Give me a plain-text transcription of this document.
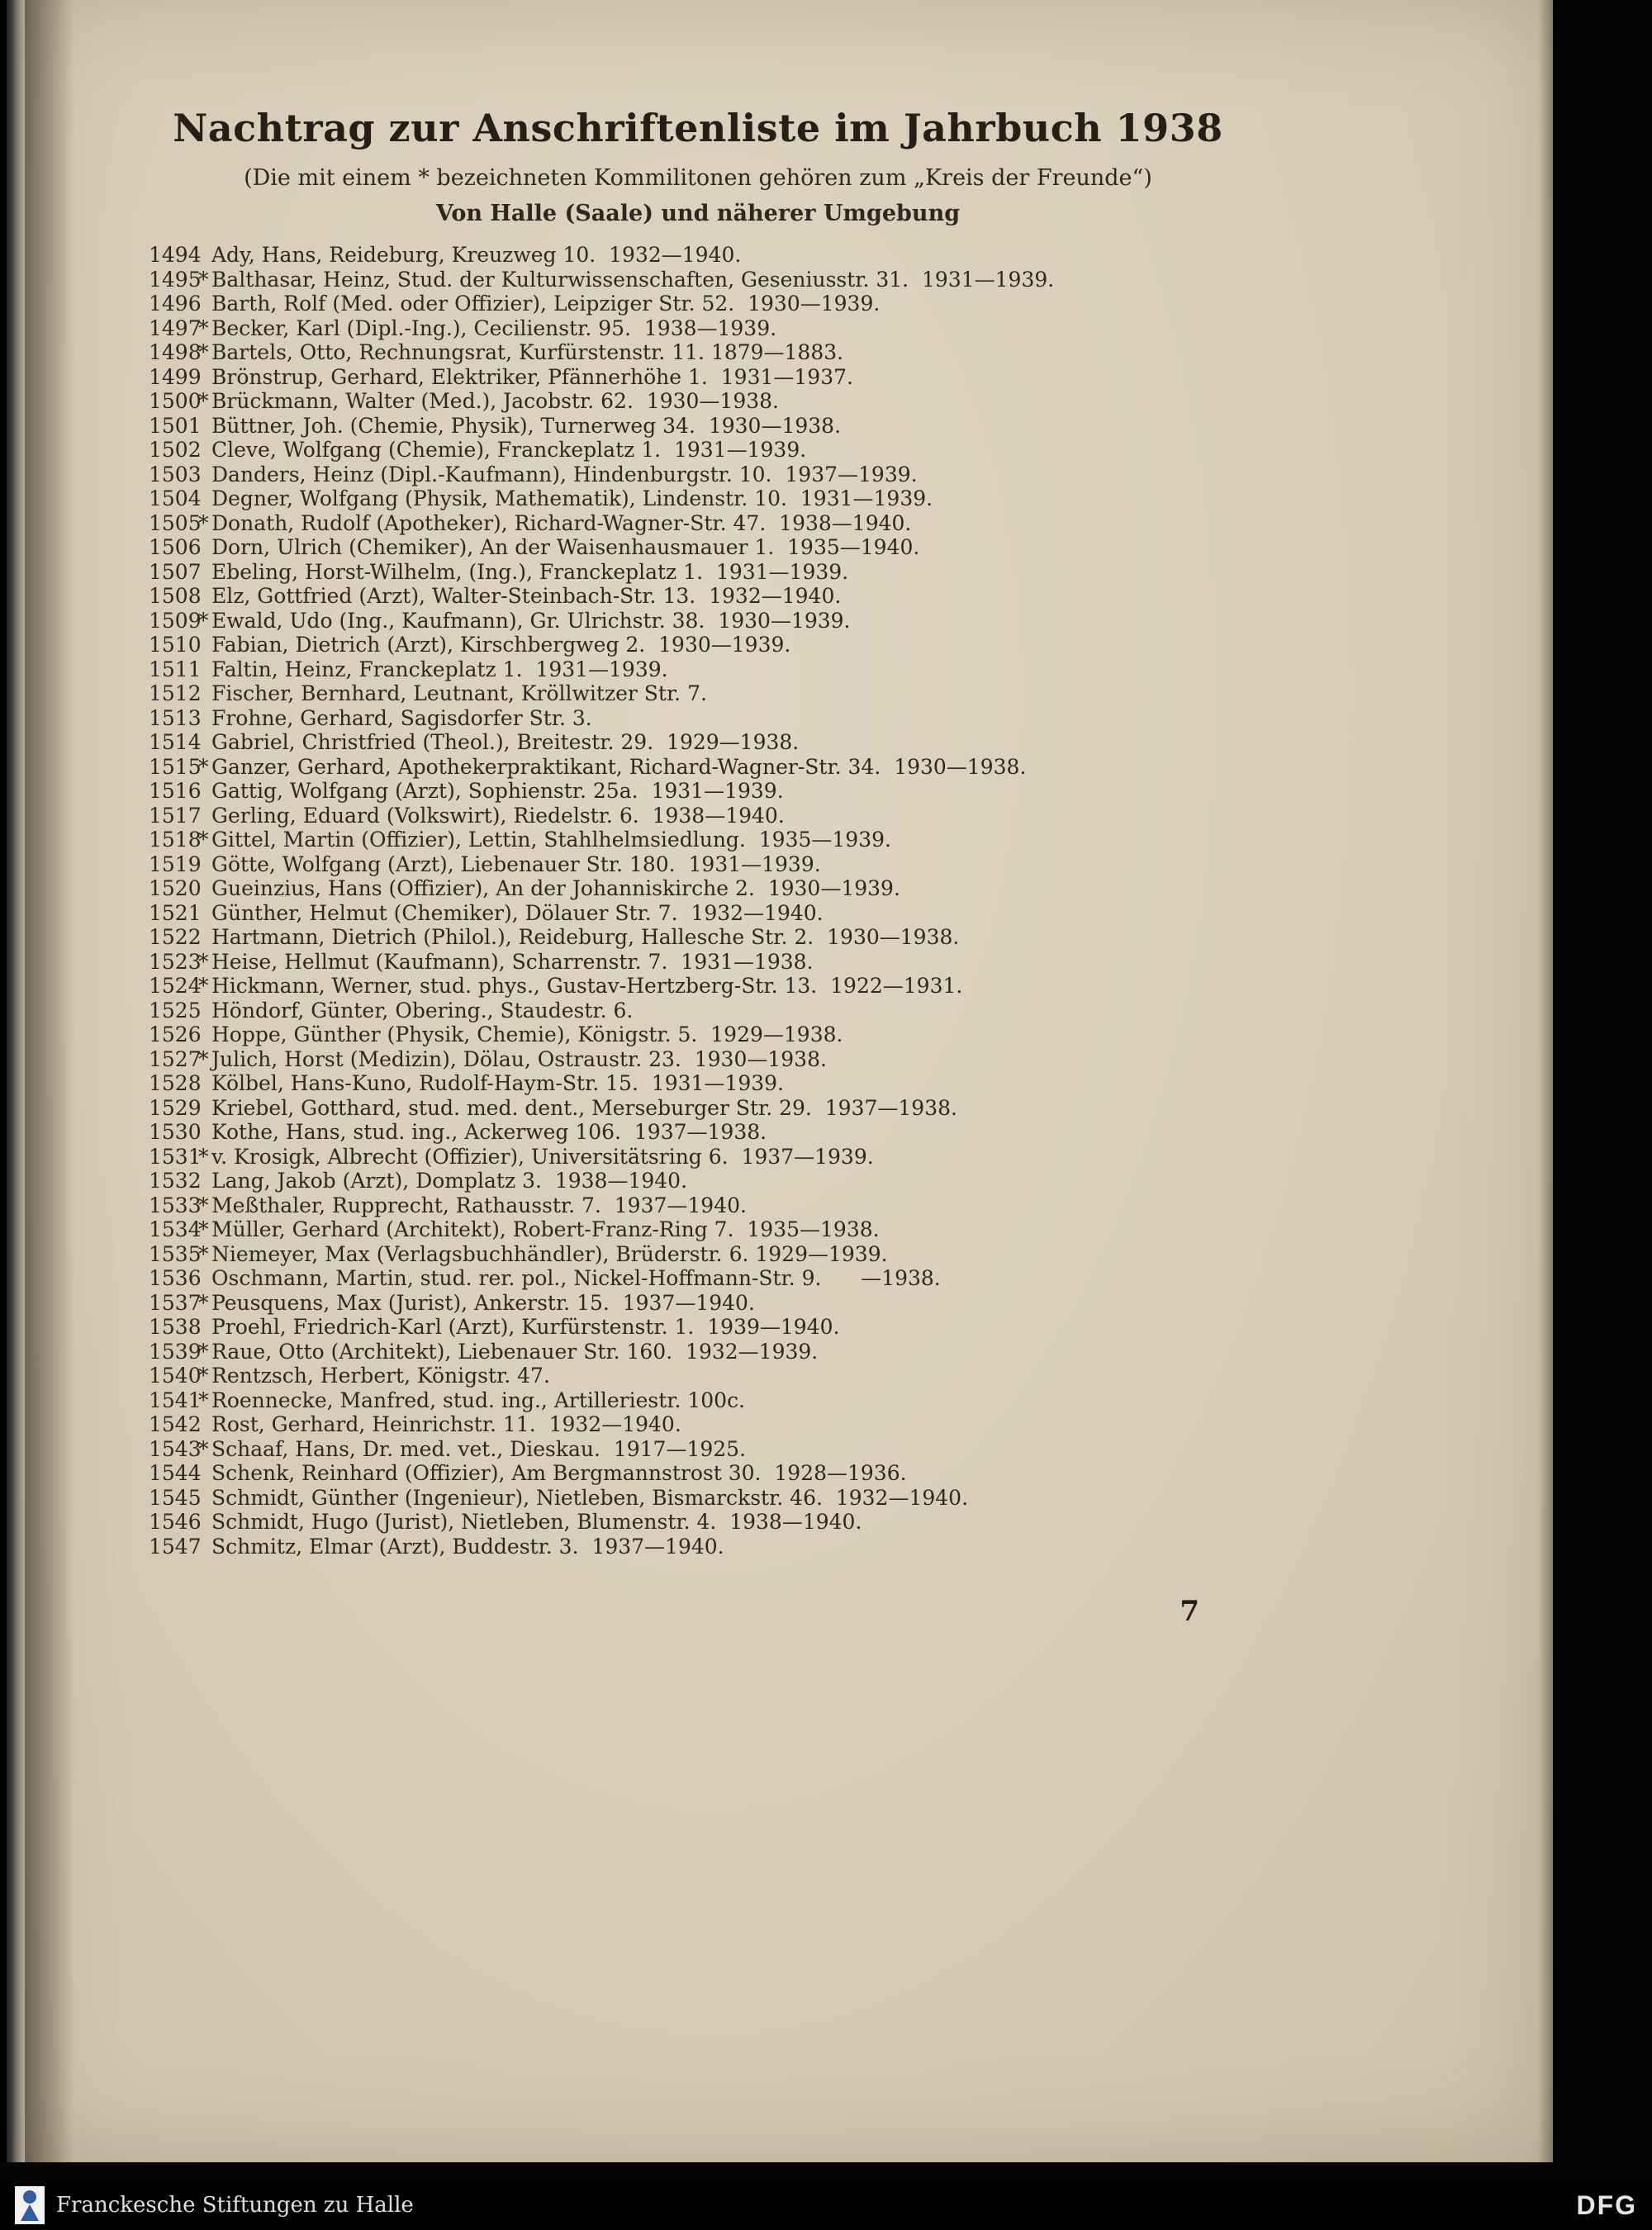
Nachtrag zur Anschriftenliste im Jahrbuch 1938

(Die mit einem * bezeichneten Kommilitonen gehören zum „Kreis der Freunde“)

Von Halle (Saale) und näherer Umgebung

1494 Ady, Hans, Reideburg, Kreuzweg 10.  1932—1940.
1495
* Balthasar, Heinz, Stud. der Kulturwissenschaften, Geseniusstr. 31.  1931—1939.
1496 Barth, Rolf (Med. oder Offizier), Leipziger Str. 52.  1930—1939.
1497
* Becker, Karl (Dipl.-Ing.), Cecilienstr. 95.  1938—1939.
1498
* Bartels, Otto, Rechnungsrat, Kurfürstenstr. 11. 1879—1883.
1499 Brönstrup, Gerhard, Elektriker, Pfännerhöhe 1.  1931—1937.
1500
* Brückmann, Walter (Med.), Jacobstr. 62.  1930—1938.
1501 Büttner, Joh. (Chemie, Physik), Turnerweg 34.  1930—1938.
1502 Cleve, Wolfgang (Chemie), Franckeplatz 1.  1931—1939.
1503 Danders, Heinz (Dipl.-Kaufmann), Hindenburgstr. 10.  1937—1939.
1504 Degner, Wolfgang (Physik, Mathematik), Lindenstr. 10.  1931—1939.
1505
* Donath, Rudolf (Apotheker), Richard-Wagner-Str. 47.  1938—1940.
1506 Dorn, Ulrich (Chemiker), An der Waisenhausmauer 1.  1935—1940.
1507 Ebeling, Horst-Wilhelm, (Ing.), Franckeplatz 1.  1931—1939.
1508 Elz, Gottfried (Arzt), Walter-Steinbach-Str. 13.  1932—1940.
1509
* Ewald, Udo (Ing., Kaufmann), Gr. Ulrichstr. 38.  1930—1939.
1510 Fabian, Dietrich (Arzt), Kirschbergweg 2.  1930—1939.
1511 Faltin, Heinz, Franckeplatz 1.  1931—1939.
1512 Fischer, Bernhard, Leutnant, Kröllwitzer Str. 7.
1513 Frohne, Gerhard, Sagisdorfer Str. 3.
1514 Gabriel, Christfried (Theol.), Breitestr. 29.  1929—1938.
1515
* Ganzer, Gerhard, Apothekerpraktikant, Richard-Wagner-Str. 34.  1930—1938.
1516 Gattig, Wolfgang (Arzt), Sophienstr. 25a.  1931—1939.
1517 Gerling, Eduard (Volkswirt), Riedelstr. 6.  1938—1940.
1518
* Gittel, Martin (Offizier), Lettin, Stahlhelmsiedlung.  1935—1939.
1519 Götte, Wolfgang (Arzt), Liebenauer Str. 180.  1931—1939.
1520 Gueinzius, Hans (Offizier), An der Johanniskirche 2.  1930—1939.
1521 Günther, Helmut (Chemiker), Dölauer Str. 7.  1932—1940.
1522 Hartmann, Dietrich (Philol.), Reideburg, Hallesche Str. 2.  1930—1938.
1523
* Heise, Hellmut (Kaufmann), Scharrenstr. 7.  1931—1938.
1524
* Hickmann, Werner, stud. phys., Gustav-Hertzberg-Str. 13.  1922—1931.
1525 Höndorf, Günter, Obering., Staudestr. 6.
1526 Hoppe, Günther (Physik, Chemie), Königstr. 5.  1929—1938.
1527
* Julich, Horst (Medizin), Dölau, Ostraustr. 23.  1930—1938.
1528 Kölbel, Hans-Kuno, Rudolf-Haym-Str. 15.  1931—1939.
1529 Kriebel, Gotthard, stud. med. dent., Merseburger Str. 29.  1937—1938.
1530 Kothe, Hans, stud. ing., Ackerweg 106.  1937—1938.
1531
* v. Krosigk, Albrecht (Offizier), Universitätsring 6.  1937—1939.
1532 Lang, Jakob (Arzt), Domplatz 3.  1938—1940.
1533
* Meßthaler, Rupprecht, Rathausstr. 7.  1937—1940.
1534
* Müller, Gerhard (Architekt), Robert-Franz-Ring 7.  1935—1938.
1535
* Niemeyer, Max (Verlagsbuchhändler), Brüderstr. 6. 1929—1939.
1536 Oschmann, Martin, stud. rer. pol., Nickel-Hoffmann-Str. 9.      —1938.
1537
* Peusquens, Max (Jurist), Ankerstr. 15.  1937—1940.
1538 Proehl, Friedrich-Karl (Arzt), Kurfürstenstr. 1.  1939—1940.
1539
* Raue, Otto (Architekt), Liebenauer Str. 160.  1932—1939.
1540
* Rentzsch, Herbert, Königstr. 47.
1541
* Roennecke, Manfred, stud. ing., Artilleriestr. 100c.
1542 Rost, Gerhard, Heinrichstr. 11.  1932—1940.
1543
* Schaaf, Hans, Dr. med. vet., Dieskau.  1917—1925.
1544 Schenk, Reinhard (Offizier), Am Bergmannstrost 30.  1928—1936.
1545 Schmidt, Günther (Ingenieur), Nietleben, Bismarckstr. 46.  1932—1940.
1546 Schmidt, Hugo (Jurist), Nietleben, Blumenstr. 4.  1938—1940.
1547 Schmitz, Elmar (Arzt), Buddestr. 3.  1937—1940.
7
Franckesche Stiftungen zu Halle	DFG
